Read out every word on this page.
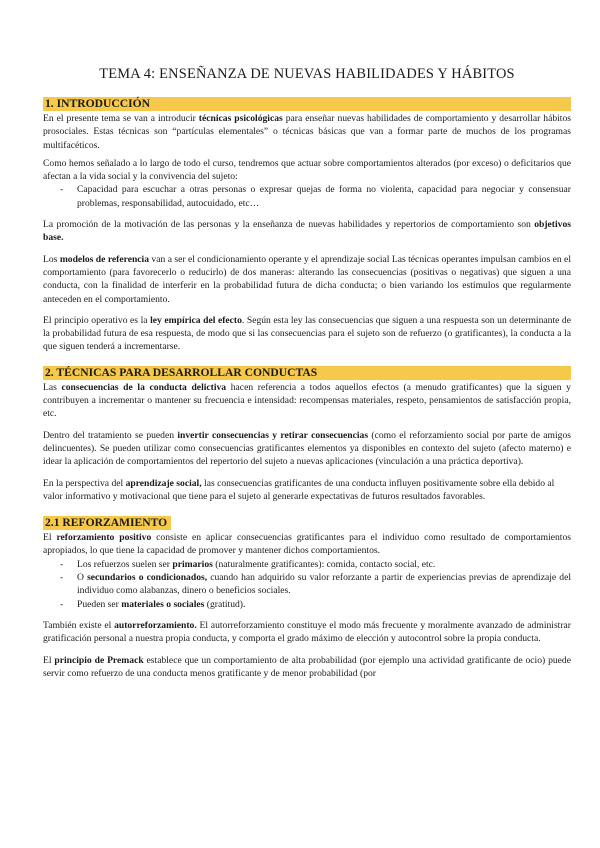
TEMA 4: ENSEÑANZA DE NUEVAS HABILIDADES Y HÁBITOS
1. INTRODUCCIÓN

En el presente tema se van a introducir técnicas psicológicas para enseñar nuevas habilidades de comportamiento y desarrollar hábitos prosociales. Estas técnicas son “partículas elementales” o técnicas básicas que van a formar parte de muchos de los programas multifacéticos.

Como hemos señalado a lo largo de todo el curso, tendremos que actuar sobre comportamientos alterados (por exceso) o deficitarios que afectan a la vida social y la convivencia del sujeto:

- Capacidad para escuchar a otras personas o expresar quejas de forma no violenta, capacidad para negociar y consensuar problemas, responsabilidad, autocuidado, etc…

La promoción de la motivación de las personas y la enseñanza de nuevas habilidades y repertorios de comportamiento son objetivos base.

Los modelos de referencia van a ser el condicionamiento operante y el aprendizaje social Las técnicas operantes impulsan cambios en el comportamiento (para favorecerlo o reducirlo) de dos maneras: alterando las consecuencias (positivas o negativas) que siguen a una conducta, con la finalidad de interferir en la probabilidad futura de dicha conducta; o bien variando los estímulos que regularmente anteceden en el comportamiento.

El principio operativo es la ley empírica del efecto. Según esta ley las consecuencias que siguen a una respuesta son un determinante de la probabilidad futura de esa respuesta, de modo que si las consecuencias para el sujeto son de refuerzo (o gratificantes), la conducta a la que siguen tenderá a incrementarse.

2. TÉCNICAS PARA DESARROLLAR CONDUCTAS

Las consecuencias de la conducta delictiva hacen referencia a todos aquellos efectos (a menudo gratificantes) que la siguen y contribuyen a incrementar o mantener su frecuencia e intensidad: recompensas materiales, respeto, pensamientos de satisfacción propia, etc.

Dentro del tratamiento se pueden invertir consecuencias y retirar consecuencias (como el reforzamiento social por parte de amigos delincuentes). Se pueden utilizar como consecuencias gratificantes elementos ya disponibles en contexto del sujeto (afecto materno) e idear la aplicación de comportamientos del repertorio del sujeto a nuevas aplicaciones (vinculación a una práctica deportiva).

En la perspectiva del aprendizaje social, las consecuencias gratificantes de una conducta influyen positivamente sobre ella debido al valor informativo y motivacional que tiene para el sujeto al generarle expectativas de futuros resultados favorables.

2.1 REFORZAMIENTO

El reforzamiento positivo consiste en aplicar consecuencias gratificantes para el individuo como resultado de comportamientos apropiados, lo que tiene la capacidad de promover y mantener dichos comportamientos.

- Los refuerzos suelen ser primarios (naturalmente gratificantes): comida, contacto social, etc.
- O secundarios o condicionados, cuando han adquirido su valor reforzante a partir de experiencias previas de aprendizaje del individuo como alabanzas, dinero o beneficios sociales.
- Pueden ser materiales o sociales (gratitud).

También existe el autorreforzamiento. El autorreforzamiento constituye el modo más frecuente y moralmente avanzado de administrar gratificación personal a nuestra propia conducta, y comporta el grado máximo de elección y autocontrol sobre la propia conducta.

El principio de Premack establece que un comportamiento de alta probabilidad (por ejemplo una actividad gratificante de ocio) puede servir como refuerzo de una conducta menos gratificante y de menor probabilidad (por
